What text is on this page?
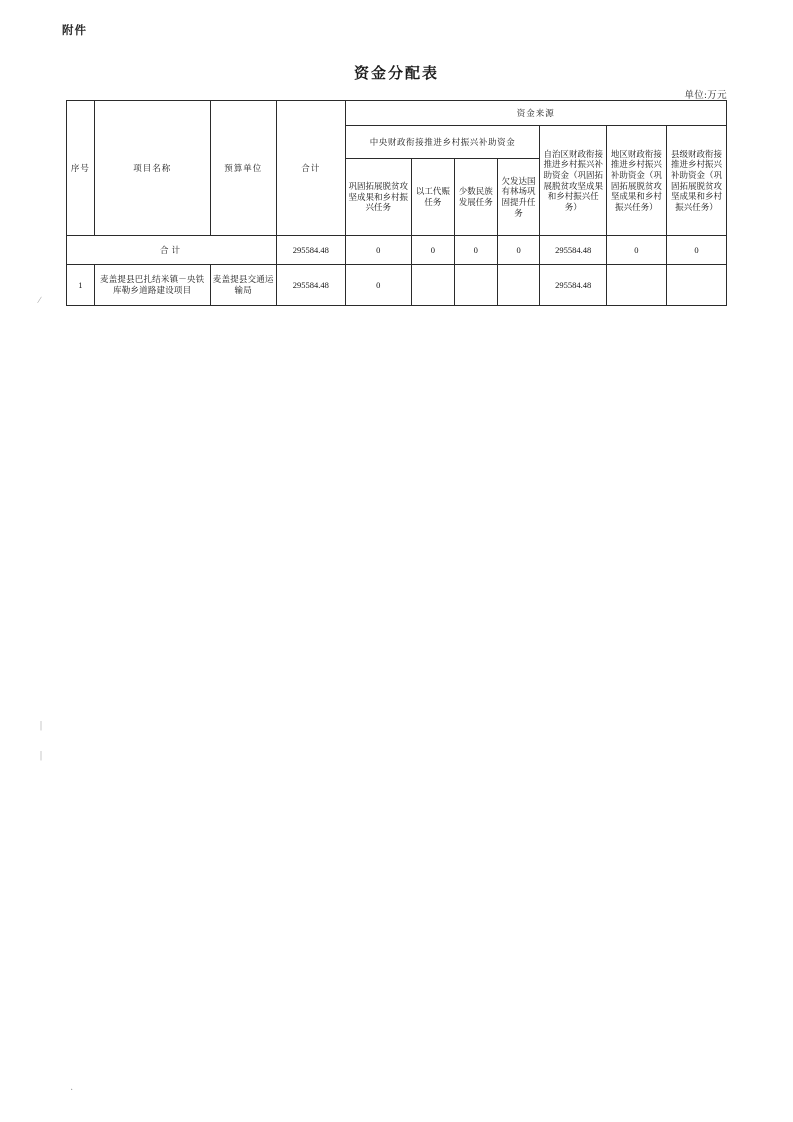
附件
资金分配表
单位:万元
序号	项目名称	预算单位	合计	资金来源						
				中央财政衔接推进乡村振兴补助资金				自治区财政衔接推进乡村振兴补助资金（巩固拓展脱贫攻坚成果和乡村振兴任务）	地区财政衔接推进乡村振兴补助资金（巩固拓展脱贫攻坚成果和乡村振兴任务）	县级财政衔接推进乡村振兴补助资金（巩固拓展脱贫攻坚成果和乡村振兴任务）
				巩固拓展脱贫攻坚成果和乡村振兴任务	以工代赈任务	少数民族发展任务	欠发达国有林场巩固提升任务			

合计			295584.48	0	0	0	0	295584.48	0	0
1	麦盖提县巴扎结米镇－央铁库勒乡道路建设项目	麦盖提县交通运输局	295584.48	0				295584.48		
/
|
|
·
